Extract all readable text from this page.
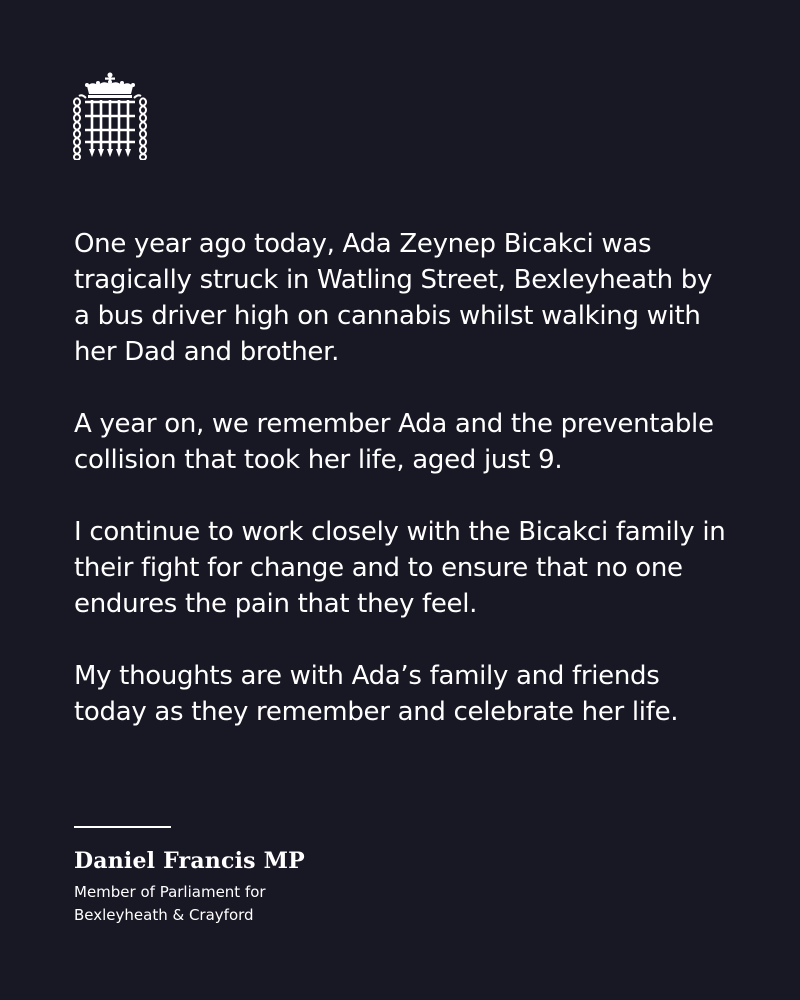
One year ago today, Ada Zeynep Bicakci was tragically struck in Watling Street, Bexleyheath by a bus driver high on cannabis whilst walking with her Dad and brother.

A year on, we remember Ada and the preventable collision that took her life, aged just 9.

I continue to work closely with the Bicakci family in their fight for change and to ensure that no one endures the pain that they feel.

My thoughts are with Ada’s family and friends today as they remember and celebrate her life.

Daniel Francis MP
Member of Parliament for
Bexleyheath & Crayford
